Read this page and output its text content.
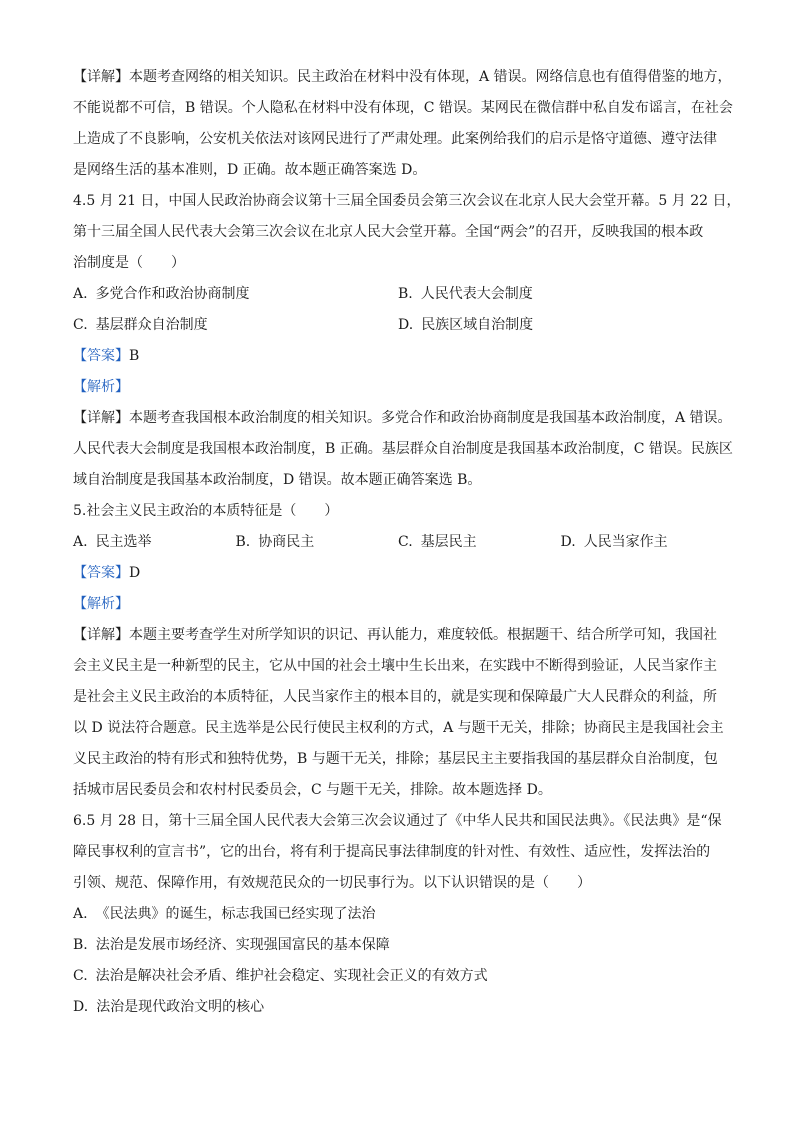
【详解】本题考查网络的相关知识。民主政治在材料中没有体现，A 错误。网络信息也有值得借鉴的地方，
不能说都不可信，B 错误。个人隐私在材料中没有体现，C 错误。某网民在微信群中私自发布谣言，在社会
上造成了不良影响，公安机关依法对该网民进行了严肃处理。此案例给我们的启示是恪守道德、遵守法律
是网络生活的基本准则，D 正确。故本题正确答案选 D。
4.5 月 21 日，中国人民政治协商会议第十三届全国委员会第三次会议在北京人民大会堂开幕。5 月 22 日，
第十三届全国人民代表大会第三次会议在北京人民大会堂开幕。全国“两会”的召开，反映我国的根本政
治制度是（　　）
A. 多党合作和政治协商制度	B. 人民代表大会制度
C. 基层群众自治制度	D. 民族区域自治制度
【答案】B
【解析】
【详解】本题考查我国根本政治制度的相关知识。多党合作和政治协商制度是我国基本政治制度，A 错误。
人民代表大会制度是我国根本政治制度，B 正确。基层群众自治制度是我国基本政治制度，C 错误。民族区
域自治制度是我国基本政治制度，D 错误。故本题正确答案选 B。
5.社会主义民主政治的本质特征是（　　）
A. 民主选举	B. 协商民主	C. 基层民主	D. 人民当家作主
【答案】D
【解析】
【详解】本题主要考查学生对所学知识的识记、再认能力，难度较低。根据题干、结合所学可知，我国社
会主义民主是一种新型的民主，它从中国的社会土壤中生长出来，在实践中不断得到验证，人民当家作主
是社会主义民主政治的本质特征，人民当家作主的根本目的，就是实现和保障最广大人民群众的利益，所
以 D 说法符合题意。民主选举是公民行使民主权利的方式，A 与题干无关，排除；协商民主是我国社会主
义民主政治的特有形式和独特优势，B 与题干无关，排除；基层民主主要指我国的基层群众自治制度，包
括城市居民委员会和农村村民委员会，C 与题干无关，排除。故本题选择 D。
6.5 月 28 日，第十三届全国人民代表大会第三次会议通过了《中华人民共和国民法典》。《民法典》是“保
障民事权利的宣言书”，它的出台，将有利于提高民事法律制度的针对性、有效性、适应性，发挥法治的
引领、规范、保障作用，有效规范民众的一切民事行为。以下认识错误的是（　　）
A. 《民法典》的诞生，标志我国已经实现了法治
B. 法治是发展市场经济、实现强国富民的基本保障
C. 法治是解决社会矛盾、维护社会稳定、实现社会正义的有效方式
D. 法治是现代政治文明的核心
